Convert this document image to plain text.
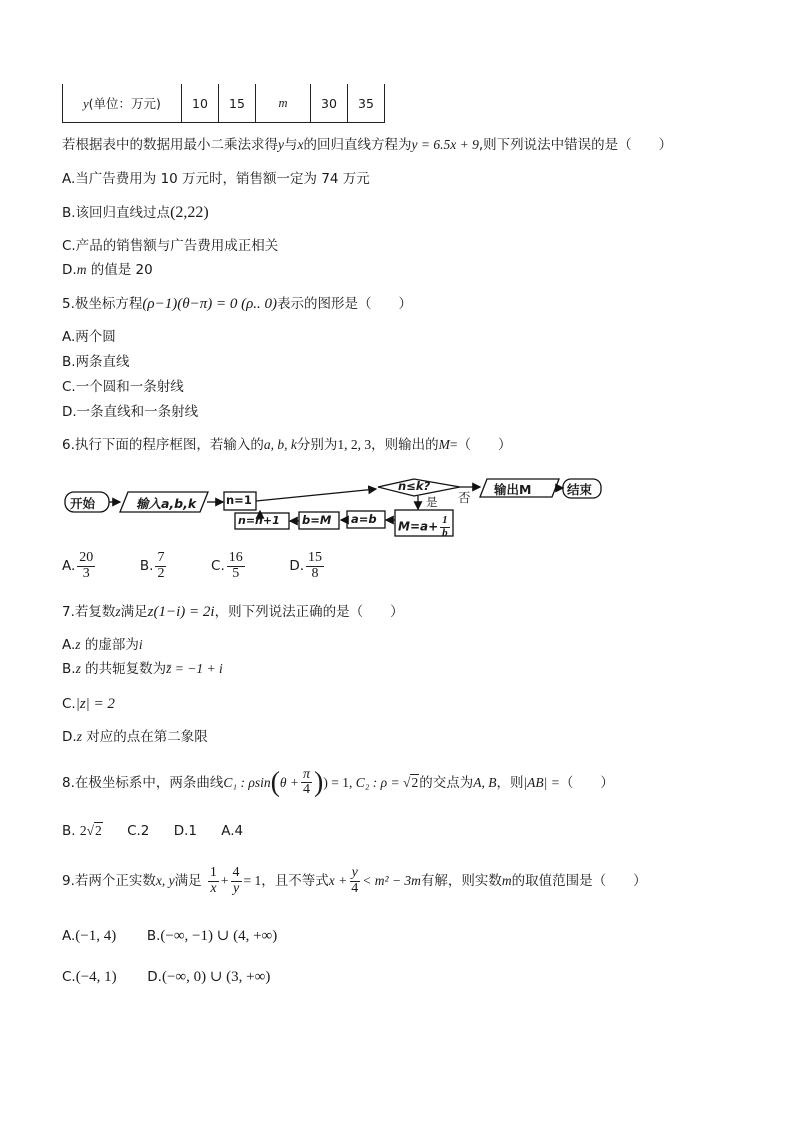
y(单位：万元)	10	15	m	30	35
若根据表中的数据用最小二乘法求得y与x的回归直线方程为y = 6.5x + 9,则下列说法中错误的是（　　）
A.当广告费用为 10 万元时，销售额一定为 74 万元
B.该回归直线过点(2,22)
C.产品的销售额与广告费用成正相关
D.m 的值是 20
5.极坐标方程(ρ−1)(θ−π) = 0 (ρ.. 0)表示的图形是（　　）
A.两个圆
B.两条直线
C.一个圆和一条射线
D.一条直线和一条射线
6.执行下面的程序框图，若输入的a, b, k分别为1, 2, 3，则输出的M=（　　）
开始	输入a,b,k	n=1
n≤k?
否
是
输出M	结束
$M=a+ \frac{1}{b}$
a=b
b=M
n=n+1
A. $\frac{20}{3}$	B. $\frac{7}{2}$	C. $\frac{16}{5}$	D. $\frac{15}{8}$
7.若复数z满足z(1−i) = 2i，则下列说法正确的是（　　）
A.z 的虚部为i
B.z 的共轭复数为z̄ = −1 + i
C.|z| = 2
D.z 对应的点在第二象限
8.在极坐标系中，两条曲线C₁ : $\rho\sin(\theta + \frac{\pi}{4}$ )) = 1, C₂ : ρ = √2的交点为A, B，则|AB| =（　　）
B. 2√2 C.2 D.1 A.4
9.若两个正实数x, y满足 $\frac{1}{x} + \frac{4}{y} = 1$，且不等式$x + \frac{y}{4} < m^2 - 3m$有解，则实数m的取值范围是（　　）
A.(−1, 4) B.(−∞, −1) ∪ (4, +∞)
C.(−4, 1) D.(−∞, 0) ∪ (3, +∞)
